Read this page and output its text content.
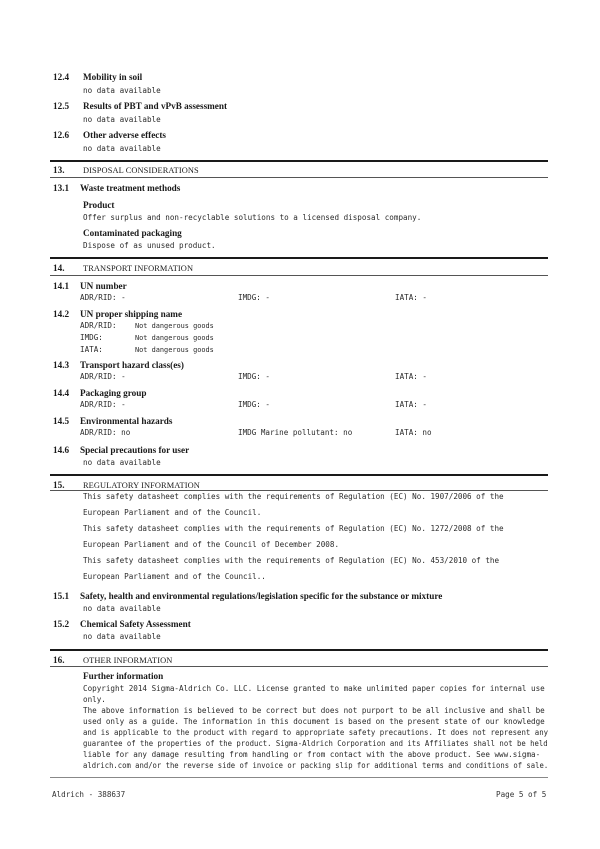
12.4 Mobility in soil
no data available
12.5 Results of PBT and vPvB assessment
no data available
12.6 Other adverse effects
no data available
13. DISPOSAL CONSIDERATIONS
13.1 Waste treatment methods
Product
Offer surplus and non-recyclable solutions to a licensed disposal company.
Contaminated packaging
Dispose of as unused product.
14. TRANSPORT INFORMATION
14.1 UN number
ADR/RID: -	IMDG: -	IATA: -
14.2 UN proper shipping name
ADR/RID:	Not dangerous goods
IMDG:	Not dangerous goods
IATA:	Not dangerous goods
14.3 Transport hazard class(es)
ADR/RID: -	IMDG: -	IATA: -
14.4 Packaging group
ADR/RID: -	IMDG: -	IATA: -
14.5 Environmental hazards
ADR/RID: no	IMDG Marine pollutant: no	IATA: no
14.6 Special precautions for user
no data available
15. REGULATORY INFORMATION
This safety datasheet complies with the requirements of Regulation (EC) No. 1907/2006 of the
European Parliament and of the Council.
This safety datasheet complies with the requirements of Regulation (EC) No. 1272/2008 of the
European Parliament and of the Council of December 2008.
This safety datasheet complies with the requirements of Regulation (EC) No. 453/2010 of the
European Parliament and of the Council..
15.1 Safety, health and environmental regulations/legislation specific for the substance or mixture
no data available
15.2 Chemical Safety Assessment
no data available
16. OTHER INFORMATION
Further information
Copyright 2014 Sigma-Aldrich Co. LLC. License granted to make unlimited paper copies for internal use
only.
The above information is believed to be correct but does not purport to be all inclusive and shall be
used only as a guide. The information in this document is based on the present state of our knowledge
and is applicable to the product with regard to appropriate safety precautions. It does not represent any
guarantee of the properties of the product. Sigma-Aldrich Corporation and its Affiliates shall not be held
liable for any damage resulting from handling or from contact with the above product. See www.sigma-
aldrich.com and/or the reverse side of invoice or packing slip for additional terms and conditions of sale.
Aldrich - 388637	Page 5 of 5
